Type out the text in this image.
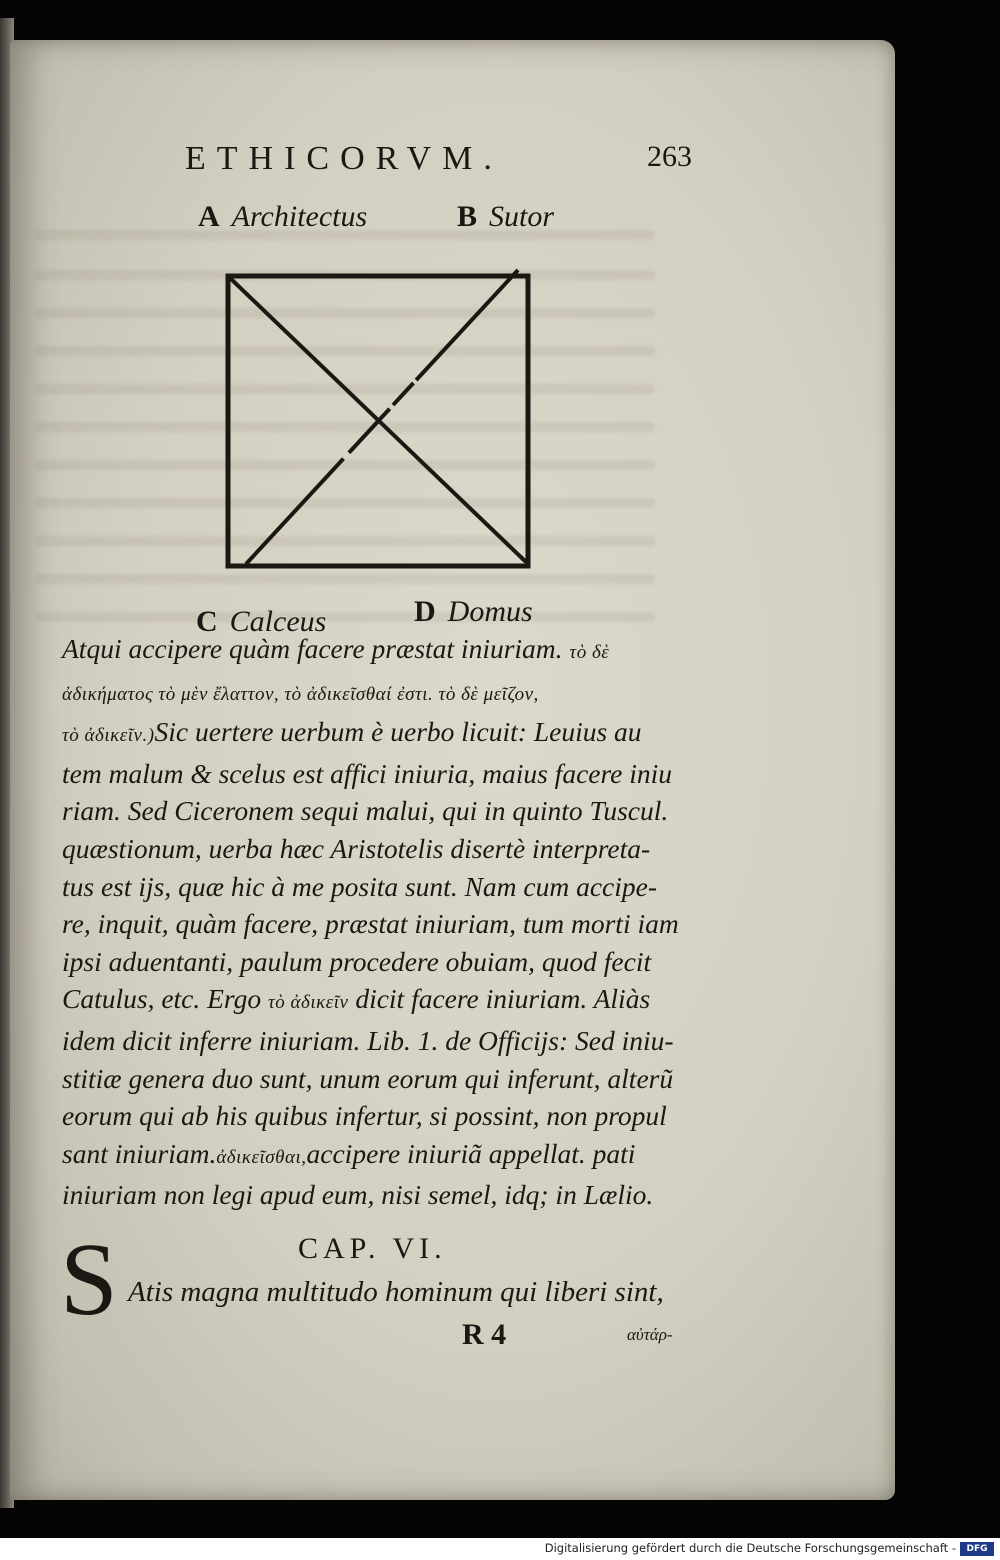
ETHICORVM.	263
A Architectus	B Sutor
C Calceus	D Domus
Atqui accipere quàm facere præstat iniuriam. τὸ δὲ
ἀδικήματος τὸ μὲν ἔλαττον, τὸ ἀδικεῖσθαί ἐστι. τὸ δὲ μεῖζον,
τὸ ἀδικεῖν.)Sic uertere uerbum è uerbo licuit: Leuius au
tem malum & scelus est affici iniuria, maius facere iniu
riam. Sed Ciceronem sequi malui, qui in quinto Tuscul.
quæstionum, uerba hæc Aristotelis disertè interpreta-
tus est ijs, quæ hic à me posita sunt. Nam cum accipe-
re, inquit, quàm facere, præstat iniuriam, tum morti iam
ipsi aduentanti, paulum procedere obuiam, quod fecit
Catulus, etc. Ergo τὸ ἀδικεῖν dicit facere iniuriam. Aliàs
idem dicit inferre iniuriam. Lib. 1. de Officijs: Sed iniu-
stitiæ genera duo sunt, unum eorum qui inferunt, alterũ
eorum qui ab his quibus infertur, si possint, non propul
sant iniuriam.ἀδικεῖσθαι,accipere iniuriã appellat. pati
iniuriam non legi apud eum, nisi semel, idq; in Lælio.
CAP. VI.
S Atis magna multitudo hominum qui liberi sint,
R 4	αὐτάρ-
Digitalisierung gefördert durch die Deutsche Forschungsgemeinschaft -	DFG
